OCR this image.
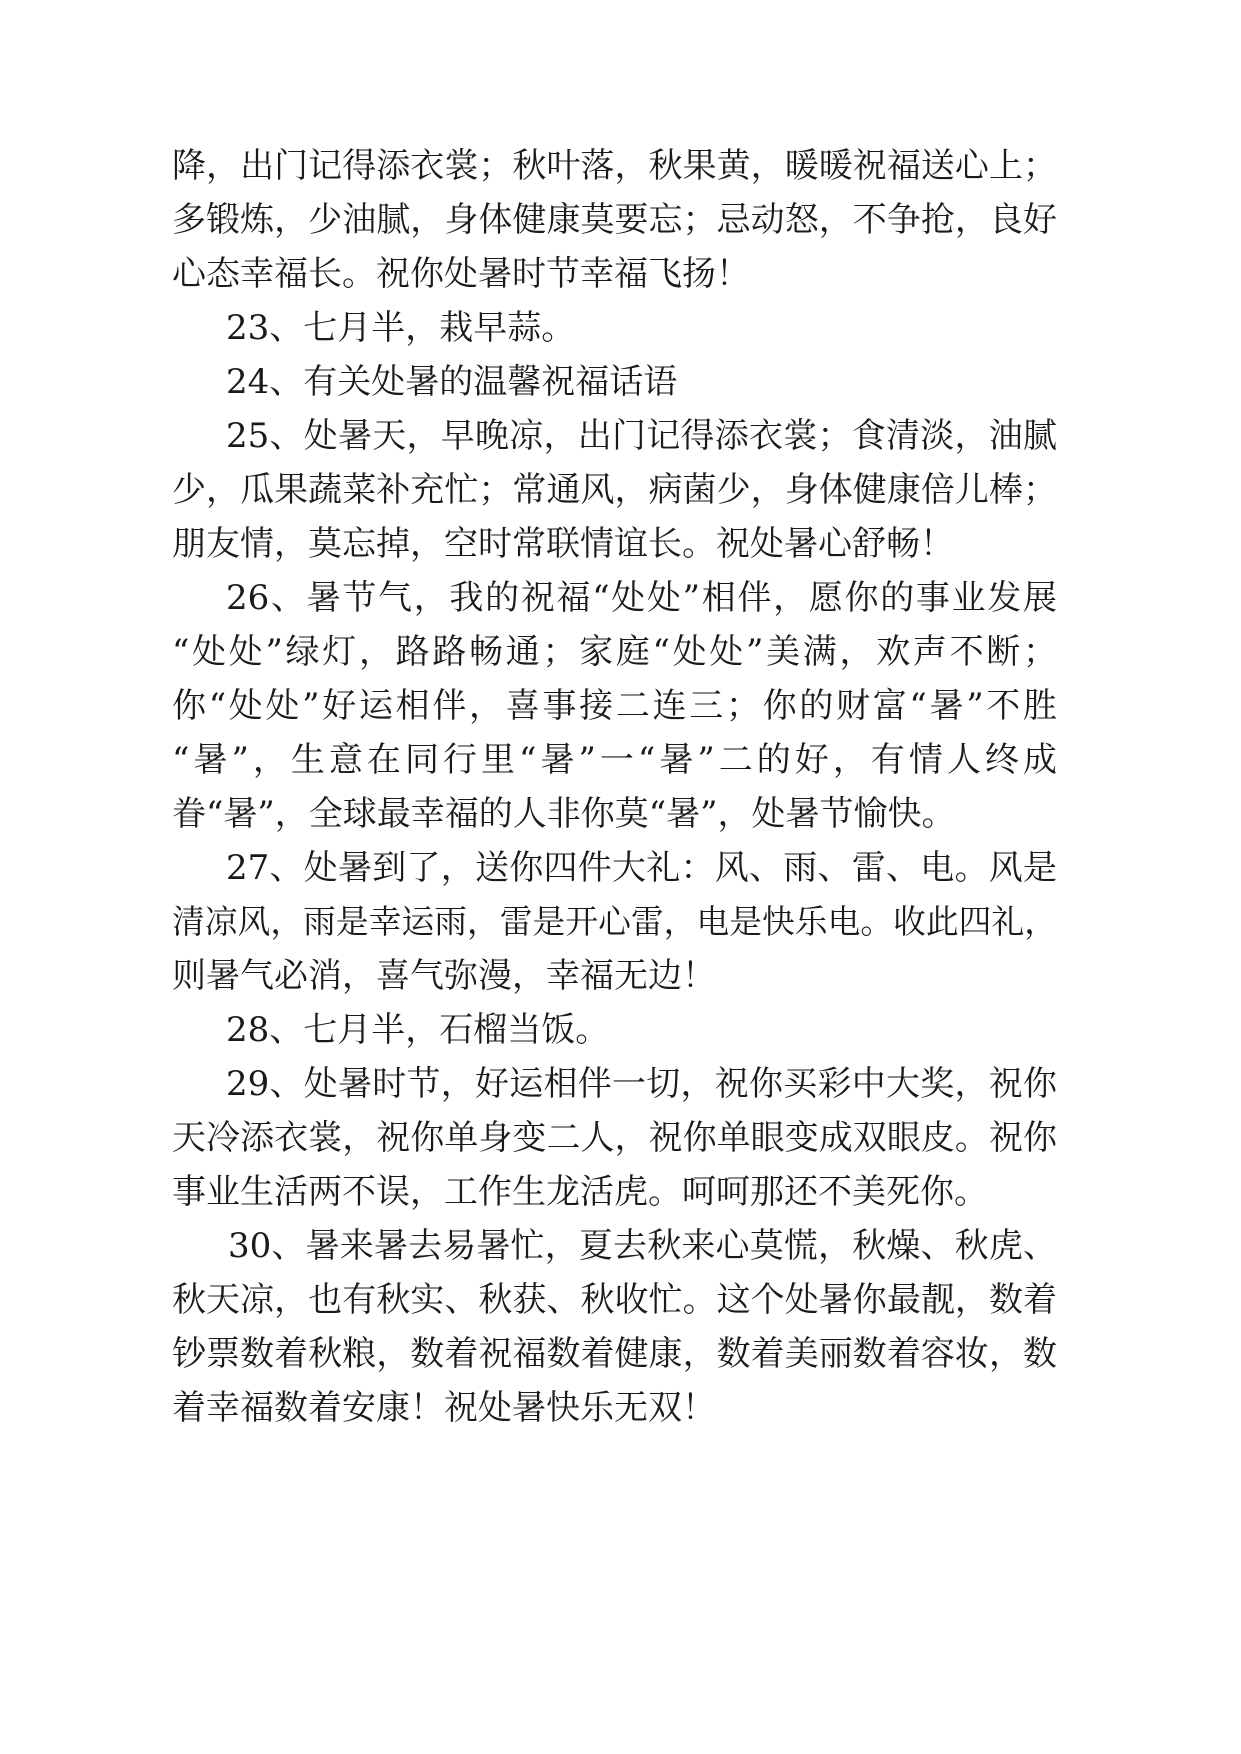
降，出门记得添衣裳；秋叶落，秋果黄，暖暖祝福送心上；
多锻炼，少油腻，身体健康莫要忘；忌动怒，不争抢，良好
心态幸福长。祝你处暑时节幸福飞扬！
23、七月半，栽早蒜。
24、有关处暑的温馨祝福话语
25、处暑天，早晚凉，出门记得添衣裳；食清淡，油腻
少，瓜果蔬菜补充忙；常通风，病菌少，身体健康倍儿棒；
朋友情，莫忘掉，空时常联情谊长。祝处暑心舒畅！
26、暑节气，我的祝福“处处”相伴，愿你的事业发展
“处处”绿灯，路路畅通；家庭“处处”美满，欢声不断；
你“处处”好运相伴，喜事接二连三；你的财富“暑”不胜
“暑”，生意在同行里“暑”一“暑”二的好，有情人终成
眷“暑”，全球最幸福的人非你莫“暑”，处暑节愉快。
27、处暑到了，送你四件大礼：风、雨、雷、电。风是
清凉风，雨是幸运雨，雷是开心雷，电是快乐电。收此四礼，
则暑气必消，喜气弥漫，幸福无边！
28、七月半，石榴当饭。
29、处暑时节，好运相伴一切，祝你买彩中大奖，祝你
天冷添衣裳，祝你单身变二人，祝你单眼变成双眼皮。祝你
事业生活两不误，工作生龙活虎。呵呵那还不美死你。
30、暑来暑去易暑忙，夏去秋来心莫慌，秋燥、秋虎、
秋天凉，也有秋实、秋获、秋收忙。这个处暑你最靓，数着
钞票数着秋粮，数着祝福数着健康，数着美丽数着容妆，数
着幸福数着安康！祝处暑快乐无双！
